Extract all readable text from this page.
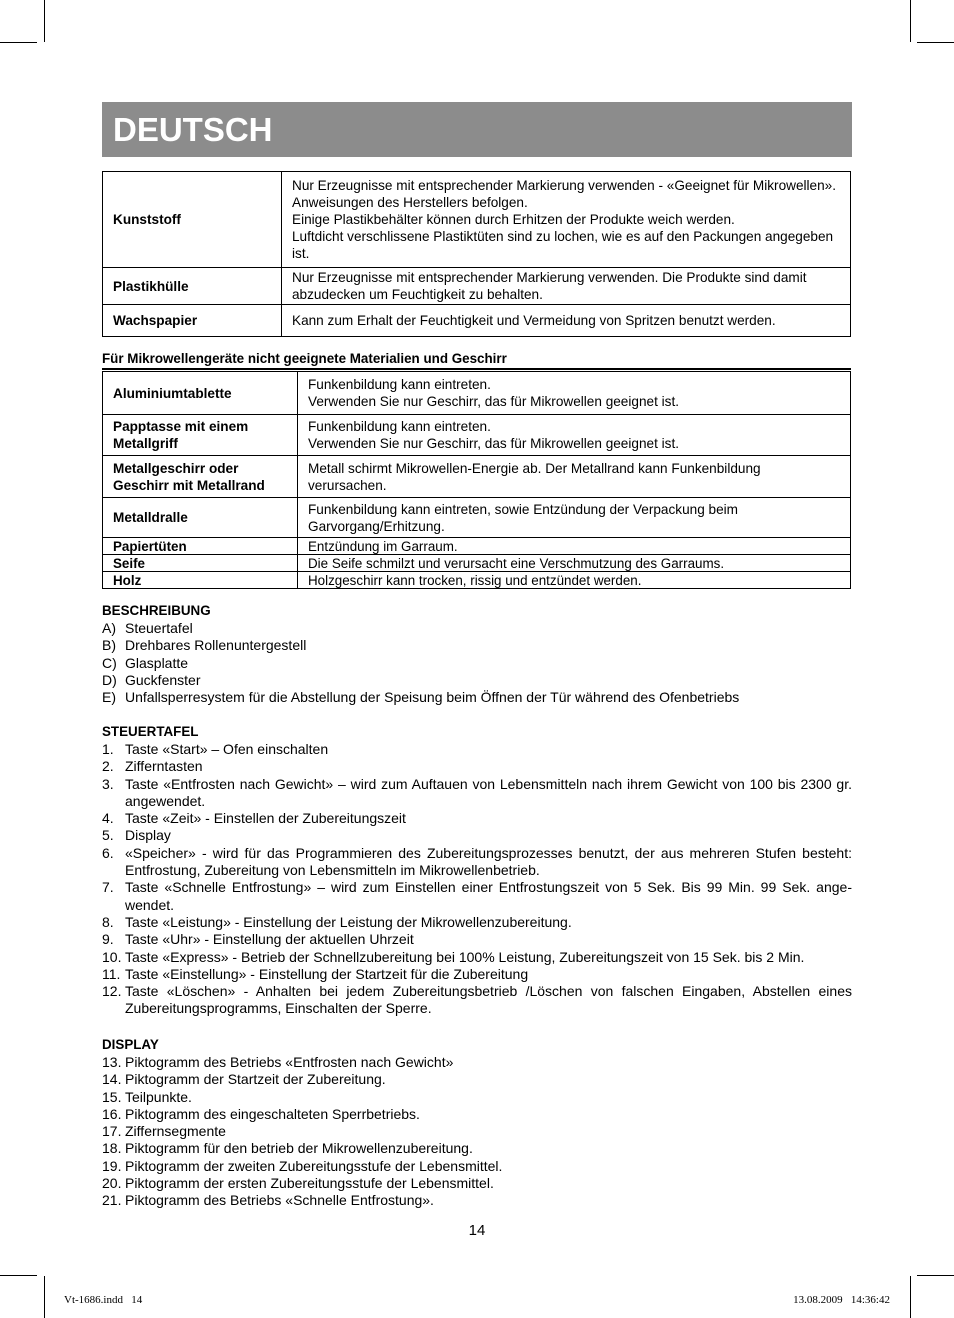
DEUTSCH
Kunststoff	Nur Erzeugnisse mit entsprechender Markierung verwenden - «Geeignet für Mikrowellen». Anweisungen des Herstellers befolgen.
Einige Plastikbehälter können durch Erhitzen der Produkte weich werden.
Luftdicht verschlissene Plastiktüten sind zu lochen, wie es auf den Packungen angegeben ist.
Plastikhülle	Nur Erzeugnisse mit entsprechender Markierung verwenden. Die Produkte sind damit abzudecken um Feuchtigkeit zu behalten.
Wachspapier	Kann zum Erhalt der Feuchtigkeit und Vermeidung von Spritzen benutzt werden.
Für Mikrowellengeräte nicht geeignete Materialien und Geschirr
Aluminiumtablette	Funkenbildung kann eintreten.
Verwenden Sie nur Geschirr, das für Mikrowellen geeignet ist.
Papptasse mit einem Metallgriff	Funkenbildung kann eintreten.
Verwenden Sie nur Geschirr, das für Mikrowellen geeignet ist.
Metallgeschirr oder Geschirr mit Metallrand	Metall schirmt Mikrowellen-Energie ab. Der Metallrand kann Funkenbildung verursachen.
Metalldralle	Funkenbildung kann eintreten, sowie Entzündung der Verpackung beim Garvorgang/Erhitzung.
Papiertüten	Entzündung im Garraum.
Seife	Die Seife schmilzt und verursacht eine Verschmutzung des Garraums.
Holz	Holzgeschirr kann trocken, rissig und entzündet werden.
BESCHREIBUNG
A) Steuertafel
B) Drehbares Rollenuntergestell
C) Glasplatte
D) Guckfenster
E) Unfallsperresystem für die Abstellung der Speisung beim Öffnen der Tür während des Ofenbetriebs
STEUERTAFEL
1. Taste «Start» – Ofen einschalten
2. Zifferntasten
3. Taste «Entfrosten nach Gewicht» – wird zum Auftauen von Lebensmitteln nach ihrem Gewicht von 100 bis 2300 gr. angewendet.
4. Taste «Zeit» - Einstellen der Zubereitungszeit
5. Display
6. «Speicher» - wird für das Programmieren des Zubereitungsprozesses benutzt, der aus mehreren Stufen besteht: Entfrostung, Zubereitung von Lebensmitteln im Mikrowellenbetrieb.
7. Taste «Schnelle Entfrostung» – wird zum Einstellen einer Entfrostungszeit von 5 Sek. Bis 99 Min. 99 Sek. ange-wendet.
8. Taste «Leistung» - Einstellung der Leistung der Mikrowellenzubereitung.
9. Taste «Uhr» - Einstellung der aktuellen Uhrzeit
10. Taste «Express» - Betrieb der Schnellzubereitung bei 100% Leistung, Zubereitungszeit von 15 Sek. bis 2 Min.
11. Taste «Einstellung» - Einstellung der Startzeit für die Zubereitung
12. Taste «Löschen» - Anhalten bei jedem Zubereitungsbetrieb /Löschen von falschen Eingaben, Abstellen eines Zubereitungsprogramms, Einschalten der Sperre.
DISPLAY
13. Piktogramm des Betriebs «Entfrosten nach Gewicht»
14. Piktogramm der Startzeit der Zubereitung.
15. Teilpunkte.
16. Piktogramm des eingeschalteten Sperrbetriebs.
17. Ziffernsegmente
18. Piktogramm für den betrieb der Mikrowellenzubereitung.
19. Piktogramm der zweiten Zubereitungsstufe der Lebensmittel.
20. Piktogramm der ersten Zubereitungsstufe der Lebensmittel.
21. Piktogramm des Betriebs «Schnelle Entfrostung».
14
Vt-1686.indd   14	13.08.2009   14:36:42
